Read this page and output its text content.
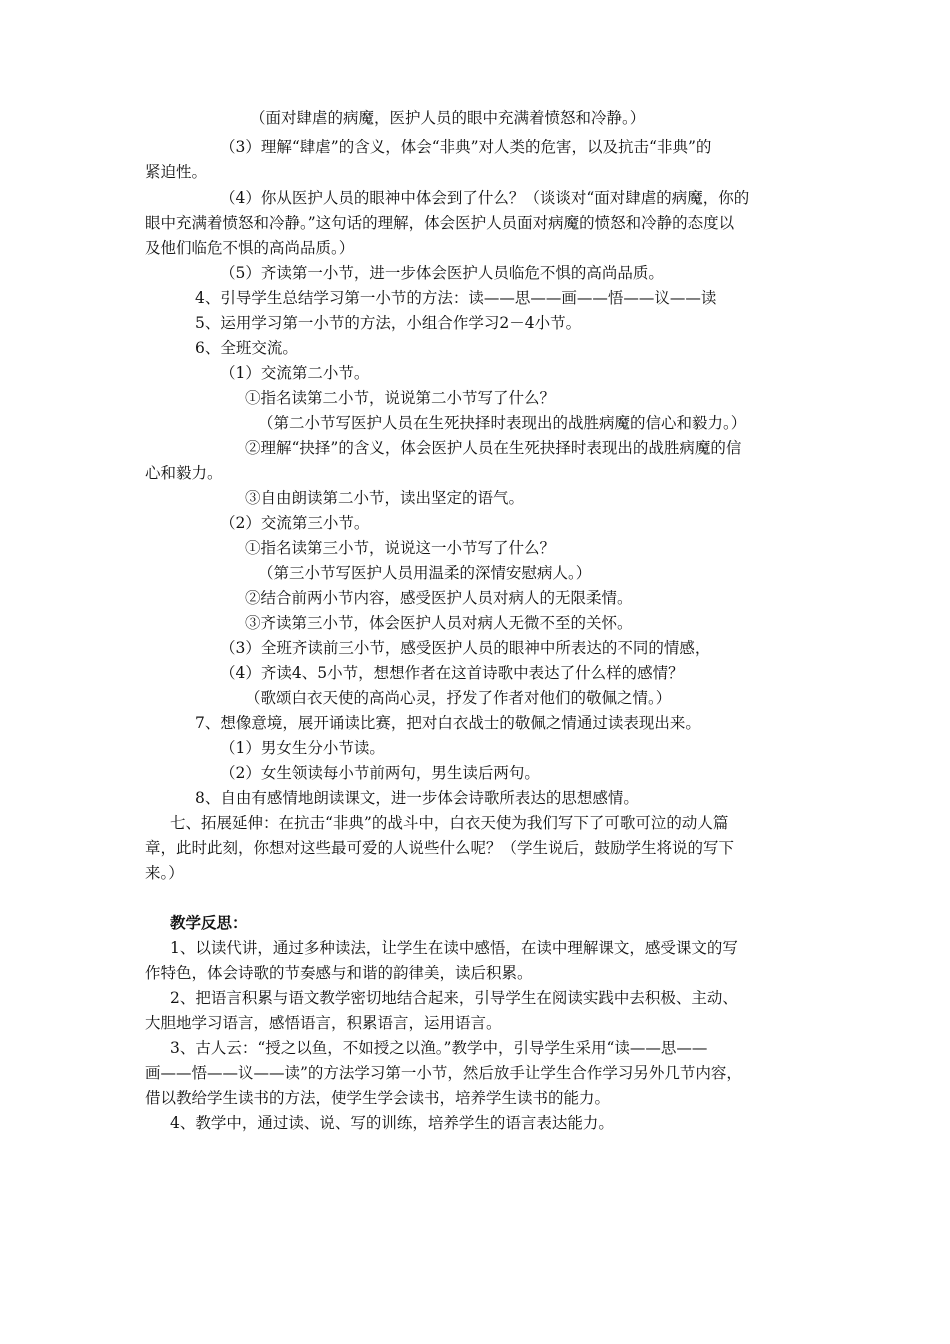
（面对肆虐的病魔，医护人员的眼中充满着愤怒和冷静。）
（3）理解“肆虐”的含义，体会“非典”对人类的危害，以及抗击“非典”的
紧迫性。
（4）你从医护人员的眼神中体会到了什么？（谈谈对“面对肆虐的病魔，你的
眼中充满着愤怒和冷静。”这句话的理解，体会医护人员面对病魔的愤怒和冷静的态度以
及他们临危不惧的高尚品质。）
（5）齐读第一小节，进一步体会医护人员临危不惧的高尚品质。
4、引导学生总结学习第一小节的方法：读——思——画——悟——议——读
5、运用学习第一小节的方法，小组合作学习2－4小节。
6、全班交流。
（1）交流第二小节。
①指名读第二小节，说说第二小节写了什么？
（第二小节写医护人员在生死抉择时表现出的战胜病魔的信心和毅力。）
②理解“抉择”的含义，体会医护人员在生死抉择时表现出的战胜病魔的信
心和毅力。
③自由朗读第二小节，读出坚定的语气。
（2）交流第三小节。
①指名读第三小节，说说这一小节写了什么？
（第三小节写医护人员用温柔的深情安慰病人。）
②结合前两小节内容，感受医护人员对病人的无限柔情。
③齐读第三小节，体会医护人员对病人无微不至的关怀。
（3）全班齐读前三小节，感受医护人员的眼神中所表达的不同的情感，
（4）齐读4、5小节，想想作者在这首诗歌中表达了什么样的感情？
（歌颂白衣天使的高尚心灵，抒发了作者对他们的敬佩之情。）
7、想像意境，展开诵读比赛，把对白衣战士的敬佩之情通过读表现出来。
（1）男女生分小节读。
（2）女生领读每小节前两句，男生读后两句。
8、自由有感情地朗读课文，进一步体会诗歌所表达的思想感情。
七、拓展延伸：在抗击“非典”的战斗中，白衣天使为我们写下了可歌可泣的动人篇
章，此时此刻，你想对这些最可爱的人说些什么呢？（学生说后，鼓励学生将说的写下
来。）
教学反思：
1、以读代讲，通过多种读法，让学生在读中感悟，在读中理解课文，感受课文的写
作特色，体会诗歌的节奏感与和谐的韵律美，读后积累。
2、把语言积累与语文教学密切地结合起来，引导学生在阅读实践中去积极、主动、
大胆地学习语言，感悟语言，积累语言，运用语言。
3、古人云：“授之以鱼，不如授之以渔。”教学中，引导学生采用“读——思——
画——悟——议——读”的方法学习第一小节，然后放手让学生合作学习另外几节内容，
借以教给学生读书的方法，使学生学会读书，培养学生读书的能力。
4、教学中，通过读、说、写的训练，培养学生的语言表达能力。
